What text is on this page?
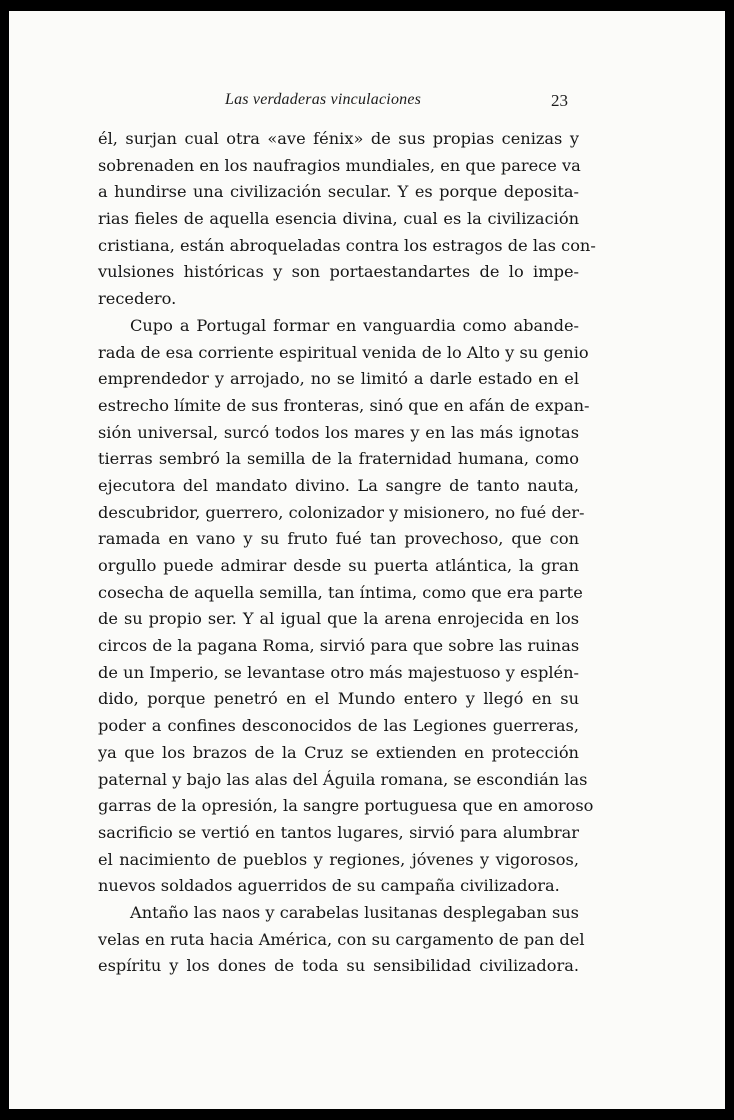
Las verdaderas vinculaciones	23
él, surjan cual otra «ave fénix» de sus propias cenizas y
sobrenaden en los naufragios mundiales, en que parece va
a hundirse una civilización secular. Y es porque deposita-
rias fieles de aquella esencia divina, cual es la civilización
cristiana, están abroqueladas contra los estragos de las con-
vulsiones históricas y son portaestandartes de lo impe-
recedero.
Cupo a Portugal formar en vanguardia como abande-
rada de esa corriente espiritual venida de lo Alto y su genio
emprendedor y arrojado, no se limitó a darle estado en el
estrecho límite de sus fronteras, sinó que en afán de expan-
sión universal, surcó todos los mares y en las más ignotas
tierras sembró la semilla de la fraternidad humana, como
ejecutora del mandato divino. La sangre de tanto nauta,
descubridor, guerrero, colonizador y misionero, no fué der-
ramada en vano y su fruto fué tan provechoso, que con
orgullo puede admirar desde su puerta atlántica, la gran
cosecha de aquella semilla, tan íntima, como que era parte
de su propio ser. Y al igual que la arena enrojecida en los
circos de la pagana Roma, sirvió para que sobre las ruinas
de un Imperio, se levantase otro más majestuoso y esplén-
dido, porque penetró en el Mundo entero y llegó en su
poder a confines desconocidos de las Legiones guerreras,
ya que los brazos de la Cruz se extienden en protección
paternal y bajo las alas del Águila romana, se escondián las
garras de la opresión, la sangre portuguesa que en amoroso
sacrificio se vertió en tantos lugares, sirvió para alumbrar
el nacimiento de pueblos y regiones, jóvenes y vigorosos,
nuevos soldados aguerridos de su campaña civilizadora.
Antaño las naos y carabelas lusitanas desplegaban sus
velas en ruta hacia América, con su cargamento de pan del
espíritu y los dones de toda su sensibilidad civilizadora.
